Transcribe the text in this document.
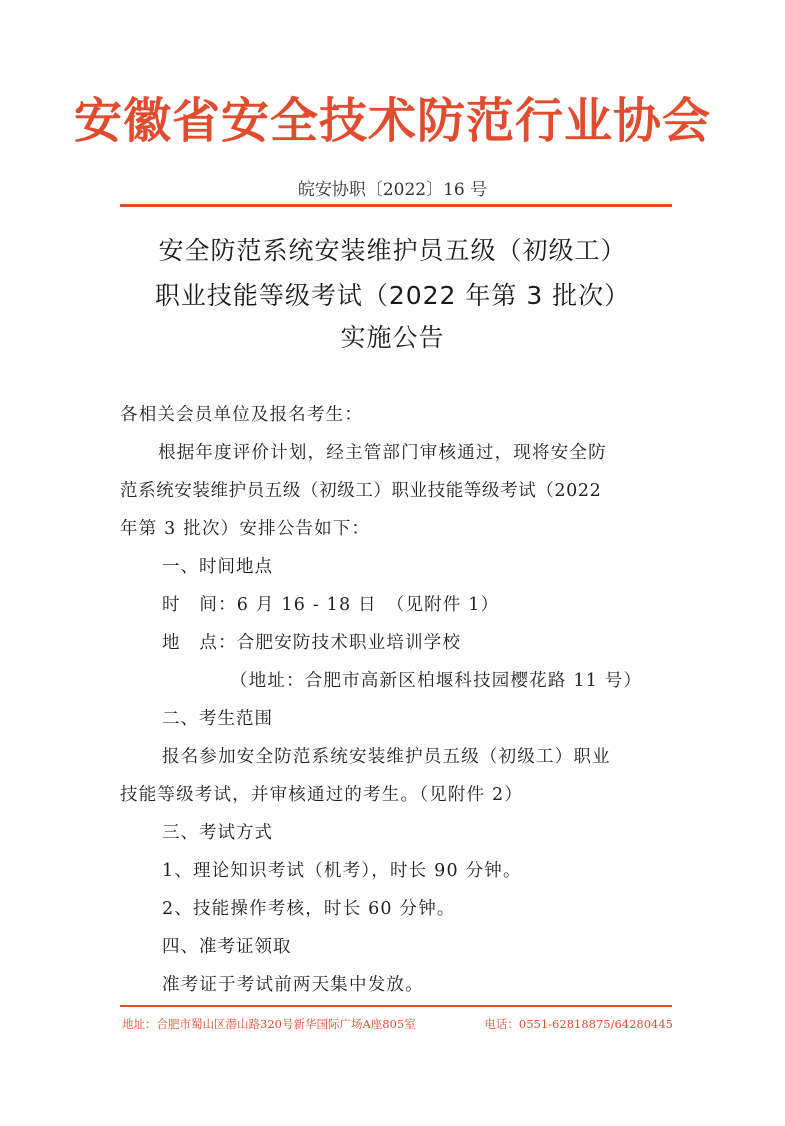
安徽省安全技术防范行业协会
皖安协职〔2022〕16 号
安全防范系统安装维护员五级（初级工）
职业技能等级考试（2022 年第 3 批次）
实施公告
各相关会员单位及报名考生：
根据年度评价计划，经主管部门审核通过，现将安全防
范系统安装维护员五级（初级工）职业技能等级考试（2022
年第 3 批次）安排公告如下：
一、时间地点
时　间：6 月 16 - 18 日　（见附件 1）
地　点：合肥安防技术职业培训学校
（地址：合肥市高新区柏堰科技园樱花路 11 号）
二、考生范围
报名参加安全防范系统安装维护员五级（初级工）职业
技能等级考试，并审核通过的考生。（见附件 2）
三、考试方式
1、理论知识考试（机考），时长 90 分钟。
2、技能操作考核，时长 60 分钟。
四、准考证领取
准考证于考试前两天集中发放。
地址：合肥市蜀山区潜山路320号新华国际广场A座805室	电话：0551-62818875/64280445
